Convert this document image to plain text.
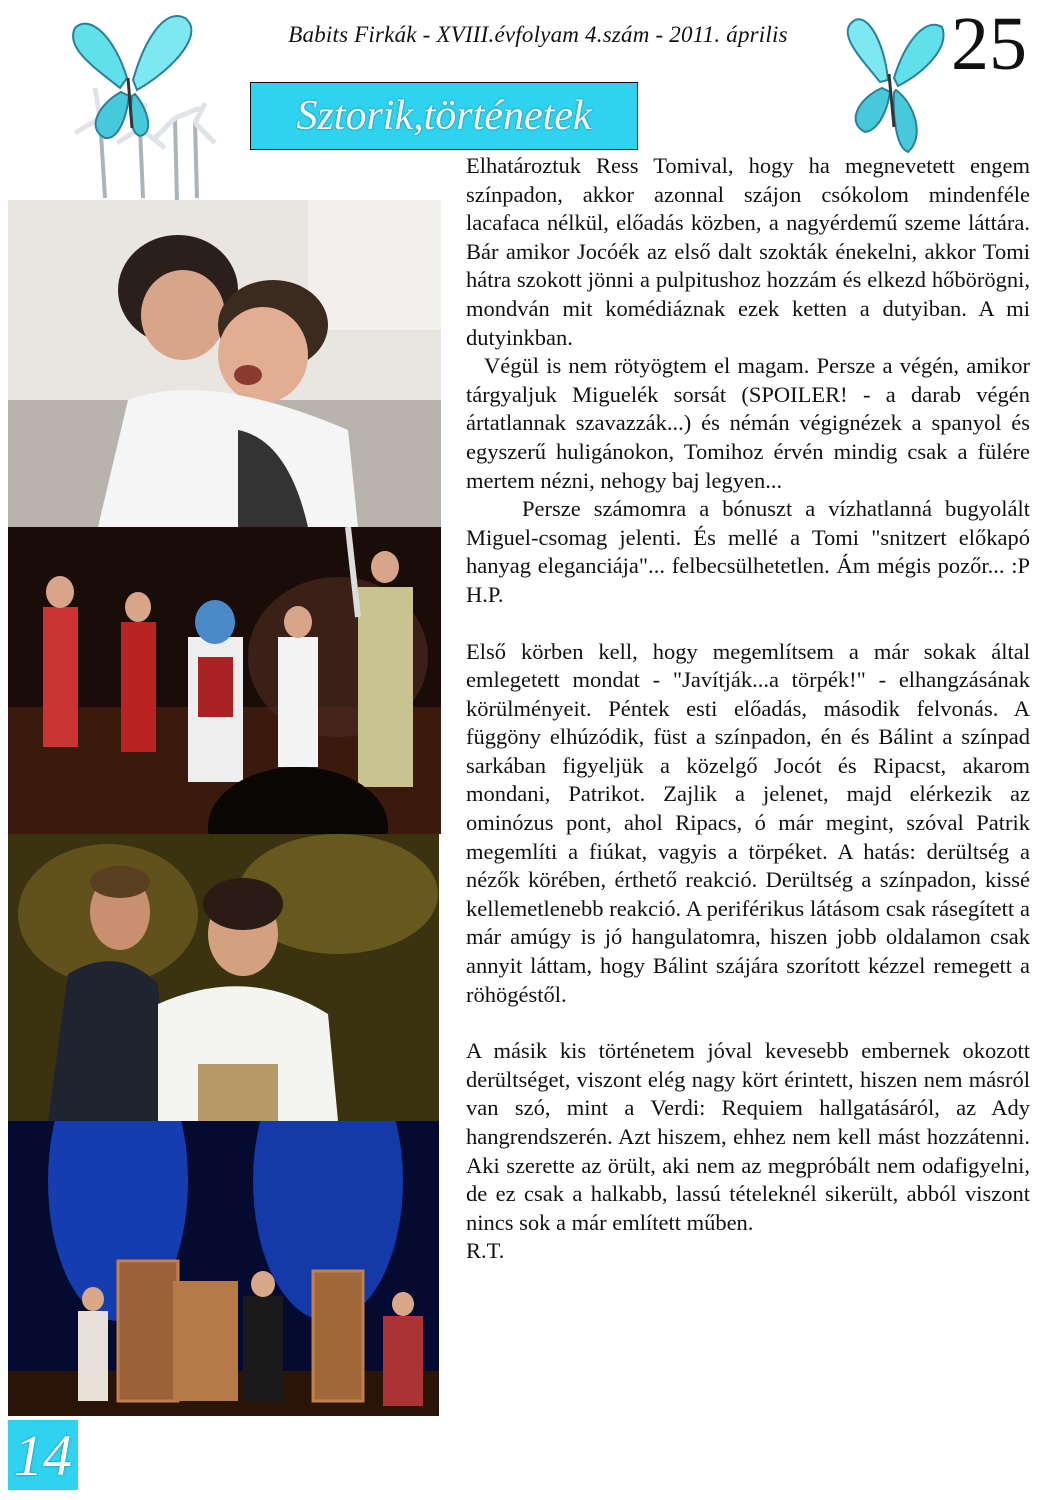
Babits Firkák - XVIII.évfolyam 4.szám - 2011. április	25
Sztorik,történetek

Elhatároztuk Ress Tomival, hogy ha megnevetett engem színpadon, akkor azonnal szájon csókolom mindenféle lacafaca nélkül, előadás közben, a nagyérdemű szeme láttára. Bár amikor Jocóék az első dalt szokták énekelni, akkor Tomi hátra szokott jönni a pulpitushoz hozzám és elkezd hőbörögni, mondván mit komédiáznak ezek ketten a dutyiban. A mi dutyinkban.

Végül is nem rötyögtem el magam. Persze a végén, amikor tárgyaljuk Miguelék sorsát (SPOILER! - a darab végén ártatlannak szavazzák...) és némán végignézek a spanyol és egyszerű huligánokon, Tomihoz érvén mindig csak a fülére mertem nézni, nehogy baj legyen...

Persze számomra a bónuszt a vízhatlanná bugyolált Miguel-csomag jelenti. És mellé a Tomi "snitzert előkapó hanyag eleganciája"... felbecsülhetetlen. Ám mégis pozőr... :P H.P.

Első körben kell, hogy megemlítsem a már sokak által emlegetett mondat - "Javítják...a törpék!" - elhangzásának körülményeit. Péntek esti előadás, második felvonás. A függöny elhúzódik, füst a színpadon, én és Bálint a színpad sarkában figyeljük a közelgő Jocót és Ripacst, akarom mondani, Patrikot. Zajlik a jelenet, majd elérkezik az ominózus pont, ahol Ripacs, ó már megint, szóval Patrik megemlíti a fiúkat, vagyis a törpéket. A hatás: derültség a nézők körében, érthető reakció. Derültség a színpadon, kissé kellemetlenebb reakció. A periférikus látásom csak rásegített a már amúgy is jó hangulatomra, hiszen jobb oldalamon csak annyit láttam, hogy Bálint szájára szorított kézzel remegett a röhögéstől.

A másik kis történetem jóval kevesebb embernek okozott derültséget, viszont elég nagy kört érintett, hiszen nem másról van szó, mint a Verdi: Requiem hallgatásáról, az Ady hangrendszerén. Azt hiszem, ehhez nem kell mást hozzátenni. Aki szerette az örült, aki nem az megpróbált nem odafigyelni, de ez csak a halkabb, lassú tételeknél sikerült, abból viszont nincs sok a már említett műben.

R.T.

14
